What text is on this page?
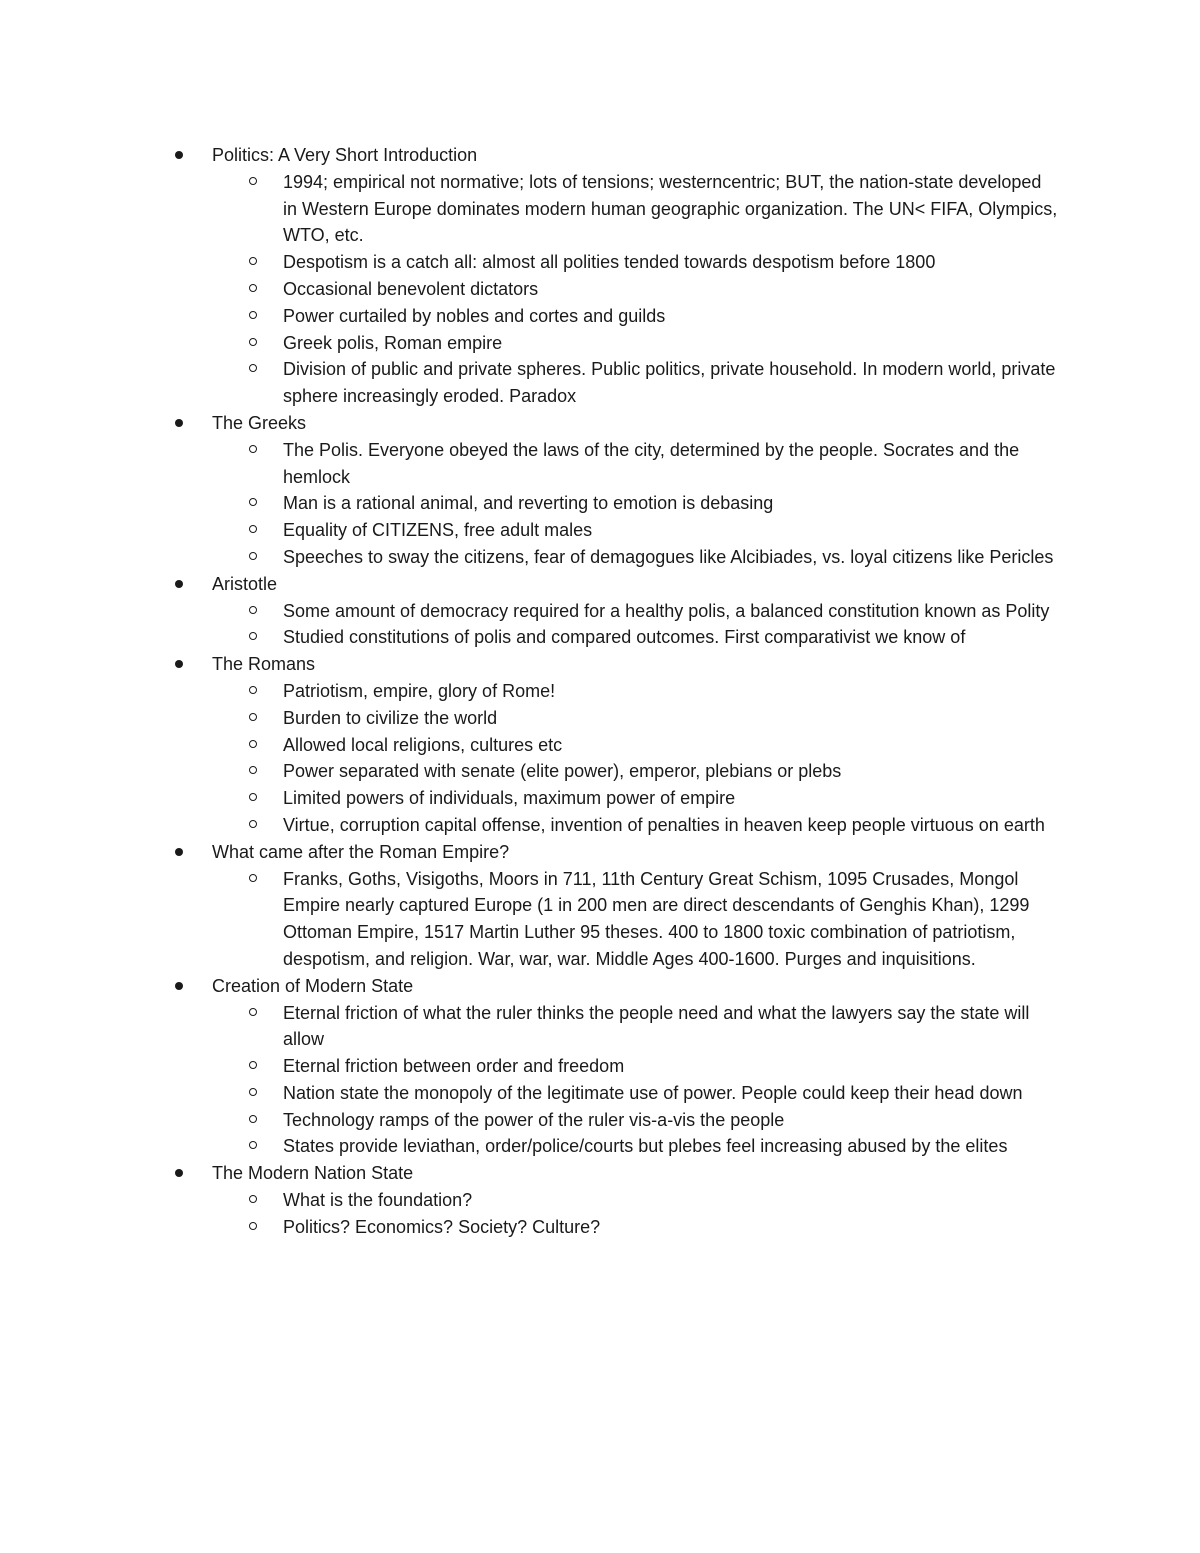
Politics: A Very Short Introduction
1994; empirical not normative; lots of tensions; westerncentric; BUT, the nation-state developed in Western Europe dominates modern human geographic organization. The UN< FIFA, Olympics, WTO, etc.
Despotism is a catch all: almost all polities tended towards despotism before 1800
Occasional benevolent dictators
Power curtailed by nobles and cortes and guilds
Greek polis, Roman empire
Division of public and private spheres. Public politics, private household. In modern world, private sphere increasingly eroded. Paradox
The Greeks
The Polis. Everyone obeyed the laws of the city, determined by the people. Socrates and the hemlock
Man is a rational animal, and reverting to emotion is debasing
Equality of CITIZENS, free adult males
Speeches to sway the citizens, fear of demagogues like Alcibiades, vs. loyal citizens like Pericles
Aristotle
Some amount of democracy required for a healthy polis, a balanced constitution known as Polity
Studied constitutions of polis and compared outcomes. First comparativist we know of
The Romans
Patriotism, empire, glory of Rome!
Burden to civilize the world
Allowed local religions, cultures etc
Power separated with senate (elite power), emperor, plebians or plebs
Limited powers of individuals, maximum power of empire
Virtue, corruption capital offense, invention of penalties in heaven keep people virtuous on earth
What came after the Roman Empire?
Franks, Goths, Visigoths, Moors in 711, 11th Century Great Schism, 1095 Crusades, Mongol Empire nearly captured Europe (1 in 200 men are direct descendants of Genghis Khan), 1299 Ottoman Empire, 1517 Martin Luther 95 theses. 400 to 1800 toxic combination of patriotism, despotism, and religion. War, war, war. Middle Ages 400-1600. Purges and inquisitions.
Creation of Modern State
Eternal friction of what the ruler thinks the people need and what the lawyers say the state will allow
Eternal friction between order and freedom
Nation state the monopoly of the legitimate use of power. People could keep their head down
Technology ramps of the power of the ruler vis-a-vis the people
States provide leviathan, order/police/courts but plebes feel increasing abused by the elites
The Modern Nation State
What is the foundation?
Politics? Economics? Society? Culture?
